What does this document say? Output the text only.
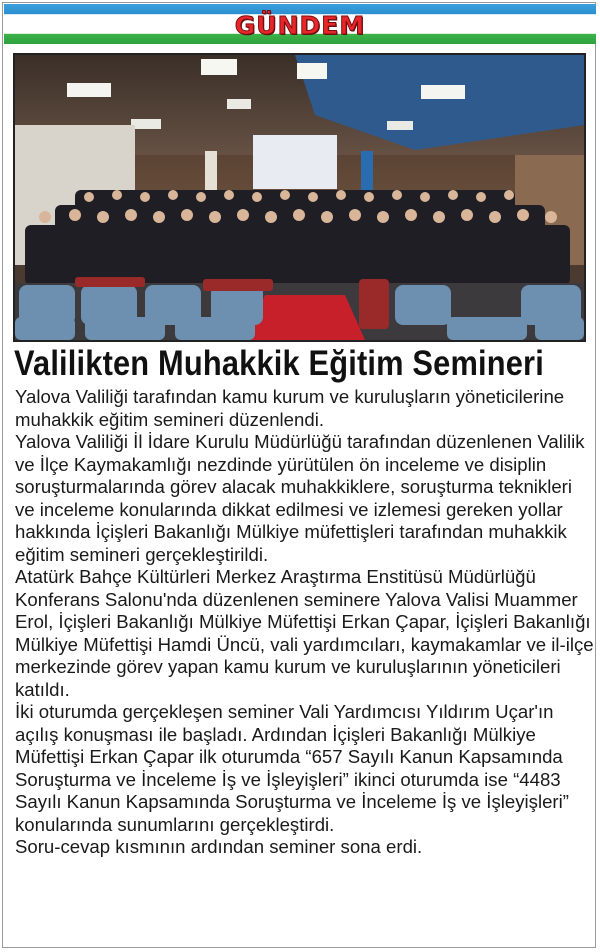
GÜNDEM
Valilikten Muhakkik Eğitim Semineri

Yalova Valiliği tarafından kamu kurum ve kuruluşların yöneticilerine muhakkik eğitim semineri düzenlendi.

Yalova Valiliği İl İdare Kurulu Müdürlüğü tarafından düzenlenen Valilik ve İlçe Kaymakamlığı nezdinde yürütülen ön inceleme ve disiplin soruşturmalarında görev alacak muhakkiklere, soruşturma teknikleri ve inceleme konularında dikkat edilmesi ve izlemesi gereken yollar hakkında İçişleri Bakanlığı Mülkiye müfettişleri tarafından muhakkik eğitim semineri gerçekleştirildi.

Atatürk Bahçe Kültürleri Merkez Araştırma Enstitüsü Müdürlüğü Konferans Salonu'nda düzenlenen seminere Yalova Valisi Muammer Erol, İçişleri Bakanlığı Mülkiye Müfettişi Erkan Çapar, İçişleri Bakanlığı Mülkiye Müfettişi Hamdi Üncü, vali yardımcıları, kaymakamlar ve il-ilçe merkezinde görev yapan kamu kurum ve kuruluşlarının yöneticileri katıldı.

İki oturumda gerçekleşen seminer Vali Yardımcısı Yıldırım Uçar'ın açılış konuşması ile başladı. Ardından İçişleri Bakanlığı Mülkiye Müfettişi Erkan Çapar ilk oturumda “657 Sayılı Kanun Kapsamında Soruşturma ve İnceleme İş ve İşleyişleri” ikinci oturumda ise “4483 Sayılı Kanun Kapsamında Soruşturma ve İnceleme İş ve İşleyişleri” konularında sunumlarını gerçekleştirdi.

Soru-cevap kısmının ardından seminer sona erdi.
